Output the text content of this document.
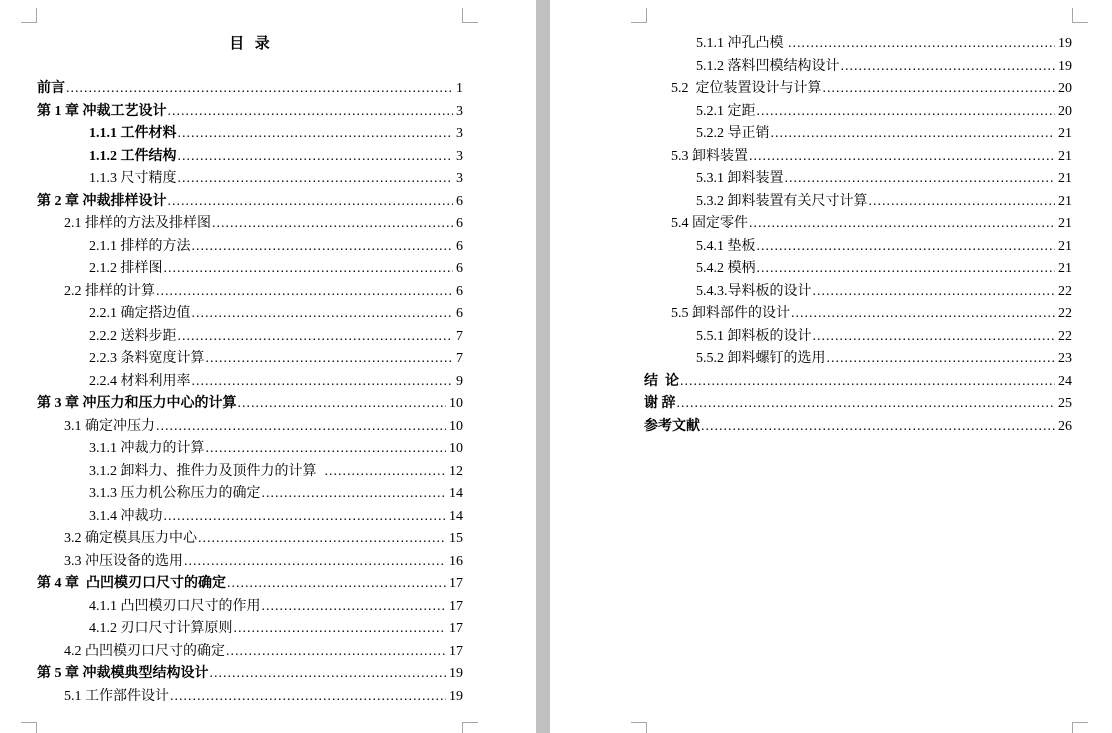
目  录
前言 .....	1
第 1 章 冲裁工艺设计 .....	3
1.1.1 工件材料 .....	3
1.1.2 工件结构 .....	3
1.1.3 尺寸精度 .....	3
第 2 章 冲裁排样设计 .....	6
2.1 排样的方法及排样图 .....	6
2.1.1 排样的方法 .....	6
2.1.2 排样图 .....	6
2.2 排样的计算 .....	6
2.2.1 确定搭边值 .....	6
2.2.2 送料步距 .....	7
2.2.3 条料宽度计算 .....	7
2.2.4 材料利用率 .....	9
第 3 章 冲压力和压力中心的计算 .....	10
3.1 确定冲压力 .....	10
3.1.1 冲裁力的计算 .....	10
3.1.2 卸料力、推件力及顶件力的计算 .....	12
3.1.3 压力机公称压力的确定 .....	14
3.1.4 冲裁功 .....	14
3.2 确定模具压力中心 .....	15
3.3 冲压设备的选用 .....	16
第 4 章  凸凹模刃口尺寸的确定 .....	17
4.1.1 凸凹模刃口尺寸的作用 .....	17
4.1.2 刃口尺寸计算原则 .....	17
4.2 凸凹模刃口尺寸的确定 .....	17
第 5 章 冲裁模典型结构设计 .....	19
5.1 工作部件设计 .....	19
5.1.1 冲孔凸模 .....	19
5.1.2 落料凹模结构设计 .....	19
5.2  定位装置设计与计算 .....	20
5.2.1 定距 .....	20
5.2.2 导正销 .....	21
5.3 卸料装置 .....	21
5.3.1 卸料装置 .....	21
5.3.2 卸料装置有关尺寸计算 .....	21
5.4 固定零件 .....	21
5.4.1 垫板 .....	21
5.4.2 模柄 .....	21
5.4.3.导料板的设计 .....	22
5.5 卸料部件的设计 .....	22
5.5.1 卸料板的设计 .....	22
5.5.2 卸料螺钉的选用 .....	23
结  论 .....	24
谢 辞 .....	25
参考文献 .....	26
